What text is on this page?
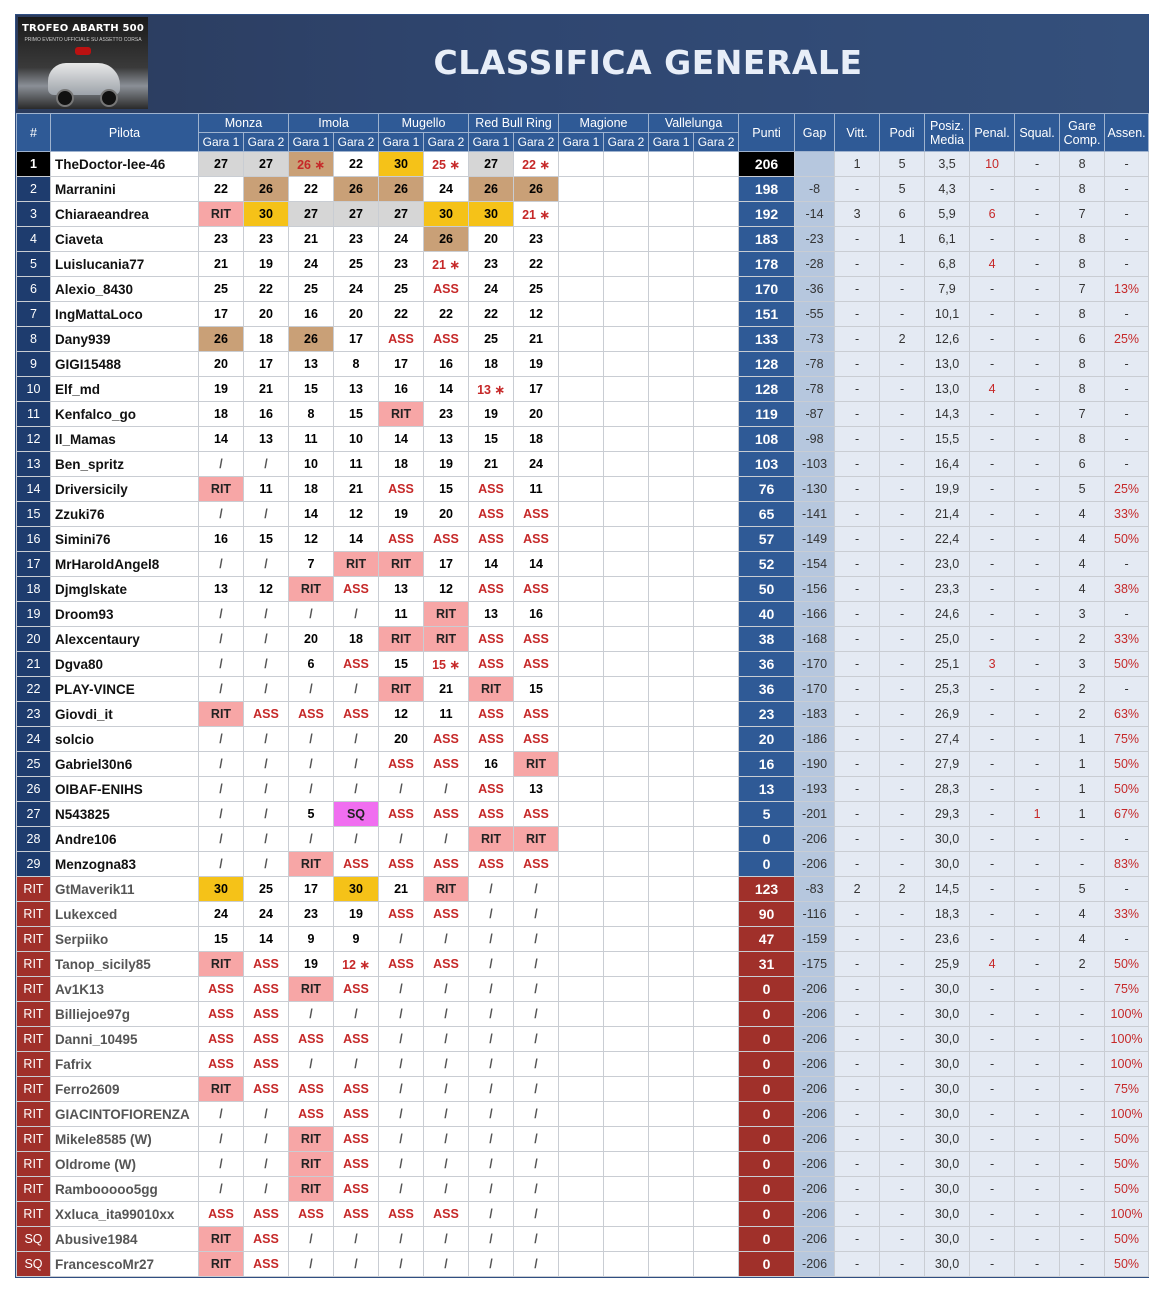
TROFEO ABARTH 500
PRIMO EVENTO UFFICIALE SU ASSETTO CORSA
CLASSIFICA GENERALE
#	Pilota	Monza		Imola		Mugello		Red Bull Ring		Magione		Vallelunga		Punti	Gap	Vitt.	Podi	Posiz. Media	Penal.	Squal.	Gare Comp.	Assen.
		Gara 1	Gara 2	Gara 1	Gara 2	Gara 1	Gara 2	Gara 1	Gara 2	Gara 1	Gara 2	Gara 1	Gara 2									
1	TheDoctor-lee-46	27	27	26 ∗	22	30	25 ∗	27	22 ∗					206		1	5	3,5	10	-	8	-
2	Marranini	22	26	22	26	26	24	26	26					198	-8	-	5	4,3	-	-	8	-
3	Chiaraeandrea	RIT	30	27	27	27	30	30	21 ∗					192	-14	3	6	5,9	6	-	7	-
4	Ciaveta	23	23	21	23	24	26	20	23					183	-23	-	1	6,1	-	-	8	-
5	Luislucania77	21	19	24	25	23	21 ∗	23	22					178	-28	-	-	6,8	4	-	8	-
6	Alexio_8430	25	22	25	24	25	ASS	24	25					170	-36	-	-	7,9	-	-	7	13%
7	IngMattaLoco	17	20	16	20	22	22	22	12					151	-55	-	-	10,1	-	-	8	-
8	Dany939	26	18	26	17	ASS	ASS	25	21					133	-73	-	2	12,6	-	-	6	25%
9	GIGI15488	20	17	13	8	17	16	18	19					128	-78	-	-	13,0	-	-	8	-
10	Elf_md	19	21	15	13	16	14	13 ∗	17					128	-78	-	-	13,0	4	-	8	-
11	Kenfalco_go	18	16	8	15	RIT	23	19	20					119	-87	-	-	14,3	-	-	7	-
12	Il_Mamas	14	13	11	10	14	13	15	18					108	-98	-	-	15,5	-	-	8	-
13	Ben_spritz	/	/	10	11	18	19	21	24					103	-103	-	-	16,4	-	-	6	-
14	Driversicily	RIT	11	18	21	ASS	15	ASS	11					76	-130	-	-	19,9	-	-	5	25%
15	Zzuki76	/	/	14	12	19	20	ASS	ASS					65	-141	-	-	21,4	-	-	4	33%
16	Simini76	16	15	12	14	ASS	ASS	ASS	ASS					57	-149	-	-	22,4	-	-	4	50%
17	MrHaroldAngel8	/	/	7	RIT	RIT	17	14	14					52	-154	-	-	23,0	-	-	4	-
18	Djmglskate	13	12	RIT	ASS	13	12	ASS	ASS					50	-156	-	-	23,3	-	-	4	38%
19	Droom93	/	/	/	/	11	RIT	13	16					40	-166	-	-	24,6	-	-	3	-
20	Alexcentaury	/	/	20	18	RIT	RIT	ASS	ASS					38	-168	-	-	25,0	-	-	2	33%
21	Dgva80	/	/	6	ASS	15	15 ∗	ASS	ASS					36	-170	-	-	25,1	3	-	3	50%
22	PLAY-VINCE	/	/	/	/	RIT	21	RIT	15					36	-170	-	-	25,3	-	-	2	-
23	Giovdi_it	RIT	ASS	ASS	ASS	12	11	ASS	ASS					23	-183	-	-	26,9	-	-	2	63%
24	solcio	/	/	/	/	20	ASS	ASS	ASS					20	-186	-	-	27,4	-	-	1	75%
25	Gabriel30n6	/	/	/	/	ASS	ASS	16	RIT					16	-190	-	-	27,9	-	-	1	50%
26	OIBAF-ENIHS	/	/	/	/	/	/	ASS	13					13	-193	-	-	28,3	-	-	1	50%
27	N543825	/	/	5	SQ	ASS	ASS	ASS	ASS					5	-201	-	-	29,3	-	1	1	67%
28	Andre106	/	/	/	/	/	/	RIT	RIT					0	-206	-	-	30,0	-	-	-	-
29	Menzogna83	/	/	RIT	ASS	ASS	ASS	ASS	ASS					0	-206	-	-	30,0	-	-	-	83%
RIT	GtMaverik11	30	25	17	30	21	RIT	/	/					123	-83	2	2	14,5	-	-	5	-
RIT	Lukexced	24	24	23	19	ASS	ASS	/	/					90	-116	-	-	18,3	-	-	4	33%
RIT	Serpiiko	15	14	9	9	/	/	/	/					47	-159	-	-	23,6	-	-	4	-
RIT	Tanop_sicily85	RIT	ASS	19	12 ∗	ASS	ASS	/	/					31	-175	-	-	25,9	4	-	2	50%
RIT	Av1K13	ASS	ASS	RIT	ASS	/	/	/	/					0	-206	-	-	30,0	-	-	-	75%
RIT	Billiejoe97g	ASS	ASS	/	/	/	/	/	/					0	-206	-	-	30,0	-	-	-	100%
RIT	Danni_10495	ASS	ASS	ASS	ASS	/	/	/	/					0	-206	-	-	30,0	-	-	-	100%
RIT	Fafrix	ASS	ASS	/	/	/	/	/	/					0	-206	-	-	30,0	-	-	-	100%
RIT	Ferro2609	RIT	ASS	ASS	ASS	/	/	/	/					0	-206	-	-	30,0	-	-	-	75%
RIT	GIACINTOFIORENZA	/	/	ASS	ASS	/	/	/	/					0	-206	-	-	30,0	-	-	-	100%
RIT	Mikele8585 (W)	/	/	RIT	ASS	/	/	/	/					0	-206	-	-	30,0	-	-	-	50%
RIT	Oldrome (W)	/	/	RIT	ASS	/	/	/	/					0	-206	-	-	30,0	-	-	-	50%
RIT	Rambooooo5gg	/	/	RIT	ASS	/	/	/	/					0	-206	-	-	30,0	-	-	-	50%
RIT	Xxluca_ita99010xx	ASS	ASS	ASS	ASS	ASS	ASS	/	/					0	-206	-	-	30,0	-	-	-	100%
SQ	Abusive1984	RIT	ASS	/	/	/	/	/	/					0	-206	-	-	30,0	-	-	-	50%
SQ	FrancescoMr27	RIT	ASS	/	/	/	/	/	/					0	-206	-	-	30,0	-	-	-	50%
